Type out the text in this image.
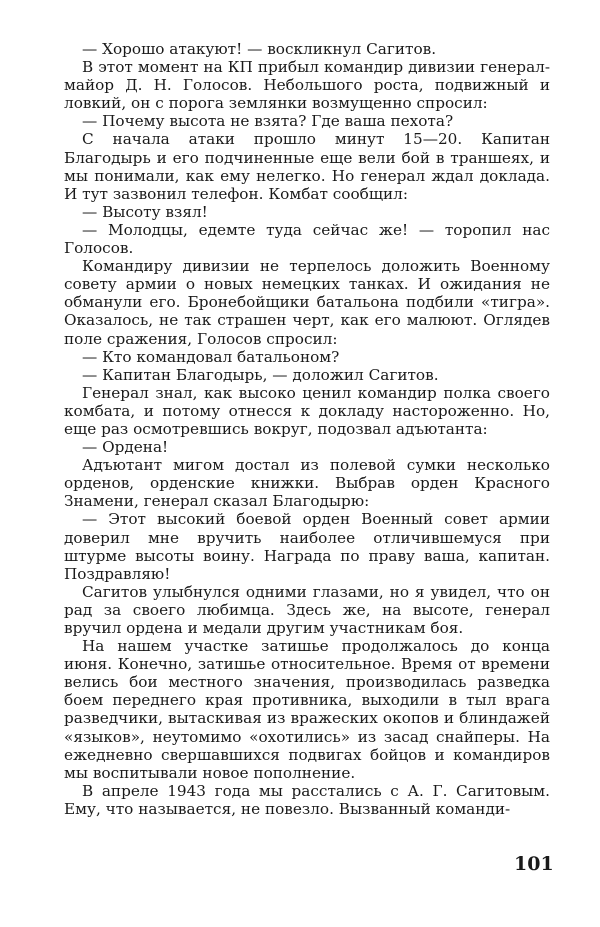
— Хорошо атакуют! — воскликнул Сагитов.

В этот момент на КП прибыл командир дивизии генерал-майор Д. Н. Голосов. Небольшого роста, подвижный и ловкий, он с порога землянки возмущенно спросил:

— Почему высота не взята? Где ваша пехота?

С начала атаки прошло минут 15—20. Капитан Благодырь и его подчиненные еще вели бой в траншеях, и мы понимали, как ему нелегко. Но генерал ждал доклада. И тут зазвонил телефон. Комбат сообщил:

— Высоту взял!

— Молодцы, едемте туда сейчас же! — торопил нас Голосов.

Командиру дивизии не терпелось доложить Военному совету армии о новых немецких танках. И ожидания не обманули его. Бронебойщики батальона подбили «тигра». Оказалось, не так страшен черт, как его малюют. Оглядев поле сражения, Голосов спросил:

— Кто командовал батальоном?

— Капитан Благодырь, — доложил Сагитов.

Генерал знал, как высоко ценил командир полка своего комбата, и потому отнесся к докладу настороженно. Но, еще раз осмотревшись вокруг, подозвал адъютанта:

— Ордена!

Адъютант мигом достал из полевой сумки несколько орденов, орденские книжки. Выбрав орден Красного Знамени, генерал сказал Благодырю:

— Этот высокий боевой орден Военный совет армии доверил мне вручить наиболее отличившемуся при штурме высоты воину. Награда по праву ваша, капитан. Поздравляю!

Сагитов улыбнулся одними глазами, но я увидел, что он рад за своего любимца. Здесь же, на высоте, генерал вручил ордена и медали другим участникам боя.

На нашем участке затишье продолжалось до конца июня. Конечно, затишье относительное. Время от времени велись бои местного значения, производилась разведка боем переднего края противника, выходили в тыл врага разведчики, вытаскивая из вражеских окопов и блиндажей «языков», неутомимо «охотились» из засад снайперы. На ежедневно свершавшихся подвигах бойцов и командиров мы воспитывали новое пополнение.

В апреле 1943 года мы расстались с А. Г. Сагитовым. Ему, что называется, не повезло. Вызванный команди-

101
